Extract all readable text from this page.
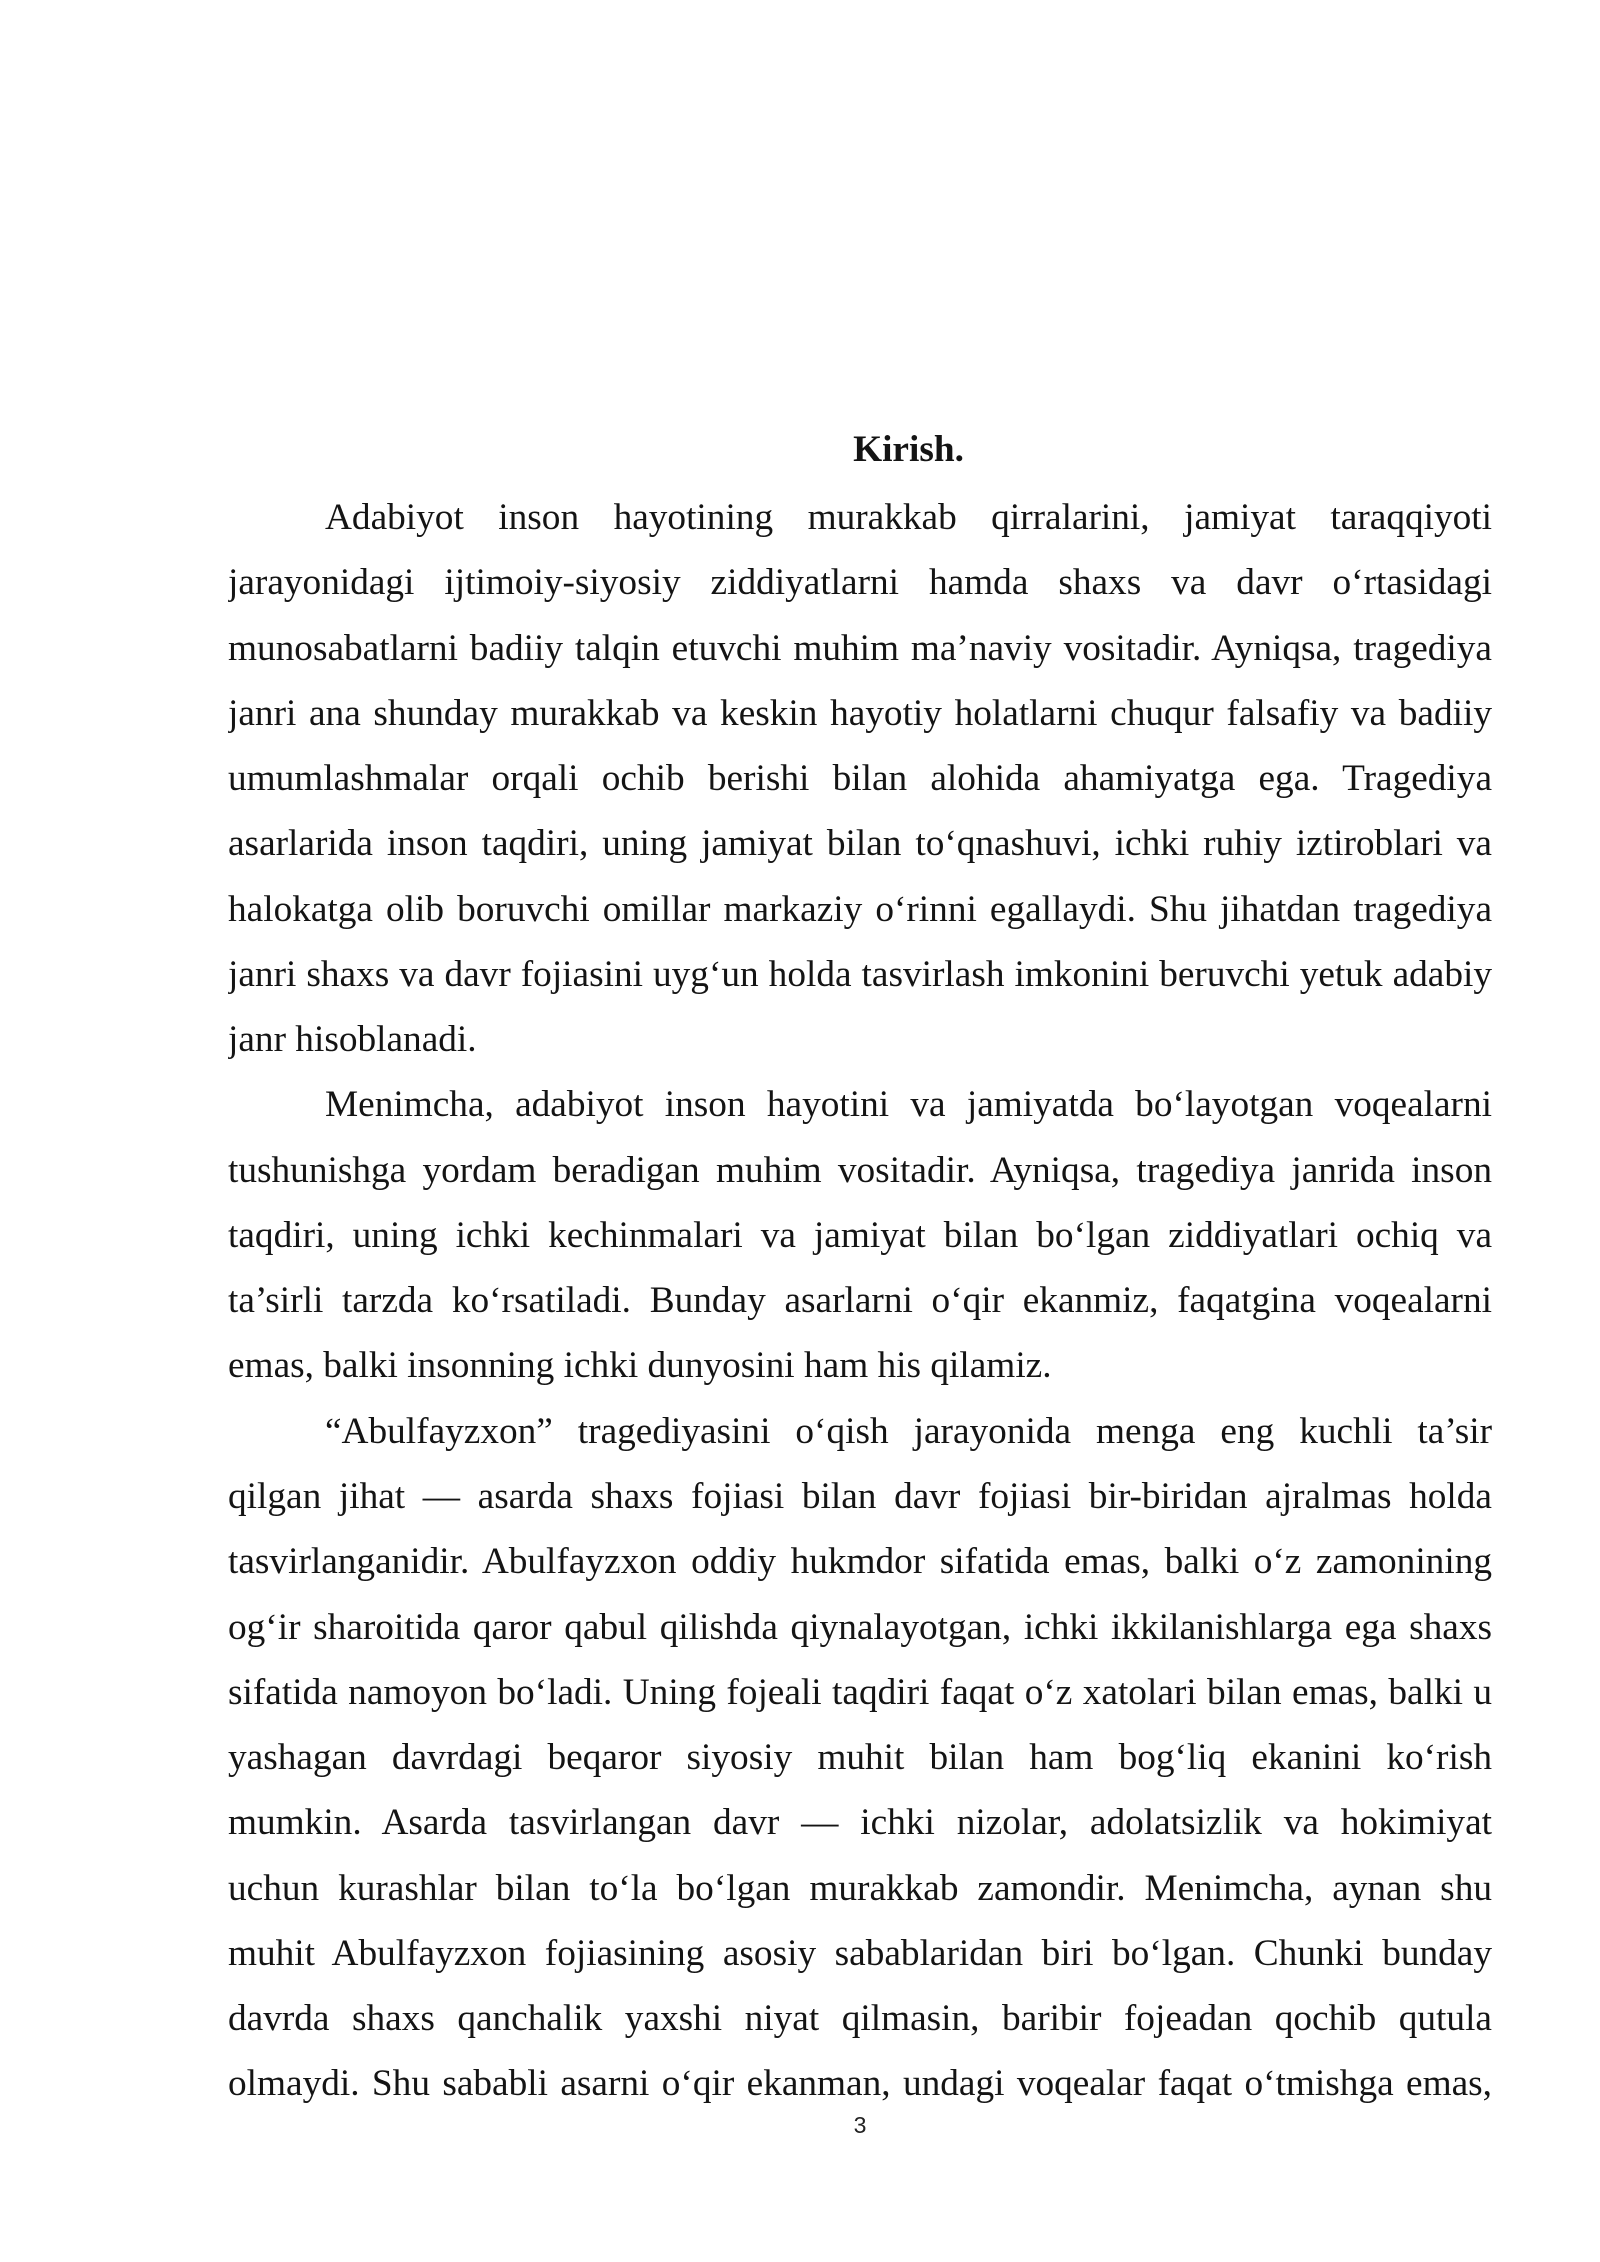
Kirish.
Adabiyot inson hayotining murakkab qirralarini, jamiyat taraqqiyoti
jarayonidagi ijtimoiy-siyosiy ziddiyatlarni hamda shaxs va davr o‘rtasidagi
munosabatlarni badiiy talqin etuvchi muhim ma’naviy vositadir. Ayniqsa, tragediya
janri ana shunday murakkab va keskin hayotiy holatlarni chuqur falsafiy va badiiy
umumlashmalar orqali ochib berishi bilan alohida ahamiyatga ega. Tragediya
asarlarida inson taqdiri, uning jamiyat bilan to‘qnashuvi, ichki ruhiy iztiroblari va
halokatga olib boruvchi omillar markaziy o‘rinni egallaydi. Shu jihatdan tragediya
janri shaxs va davr fojiasini uyg‘un holda tasvirlash imkonini beruvchi yetuk adabiy
janr hisoblanadi.
Menimcha, adabiyot inson hayotini va jamiyatda bo‘layotgan voqealarni
tushunishga yordam beradigan muhim vositadir. Ayniqsa, tragediya janrida inson
taqdiri, uning ichki kechinmalari va jamiyat bilan bo‘lgan ziddiyatlari ochiq va
ta’sirli tarzda ko‘rsatiladi. Bunday asarlarni o‘qir ekanmiz, faqatgina voqealarni
emas, balki insonning ichki dunyosini ham his qilamiz.
“Abulfayzxon” tragediyasini o‘qish jarayonida menga eng kuchli ta’sir
qilgan jihat — asarda shaxs fojiasi bilan davr fojiasi bir-biridan ajralmas holda
tasvirlanganidir. Abulfayzxon oddiy hukmdor sifatida emas, balki o‘z zamonining
og‘ir sharoitida qaror qabul qilishda qiynalayotgan, ichki ikkilanishlarga ega shaxs
sifatida namoyon bo‘ladi. Uning fojeali taqdiri faqat o‘z xatolari bilan emas, balki u
yashagan davrdagi beqaror siyosiy muhit bilan ham bog‘liq ekanini ko‘rish
mumkin. Asarda tasvirlangan davr — ichki nizolar, adolatsizlik va hokimiyat
uchun kurashlar bilan to‘la bo‘lgan murakkab zamondir. Menimcha, aynan shu
muhit Abulfayzxon fojiasining asosiy sabablaridan biri bo‘lgan. Chunki bunday
davrda shaxs qanchalik yaxshi niyat qilmasin, baribir fojeadan qochib qutula
olmaydi. Shu sababli asarni o‘qir ekanman, undagi voqealar faqat o‘tmishga emas,
3
